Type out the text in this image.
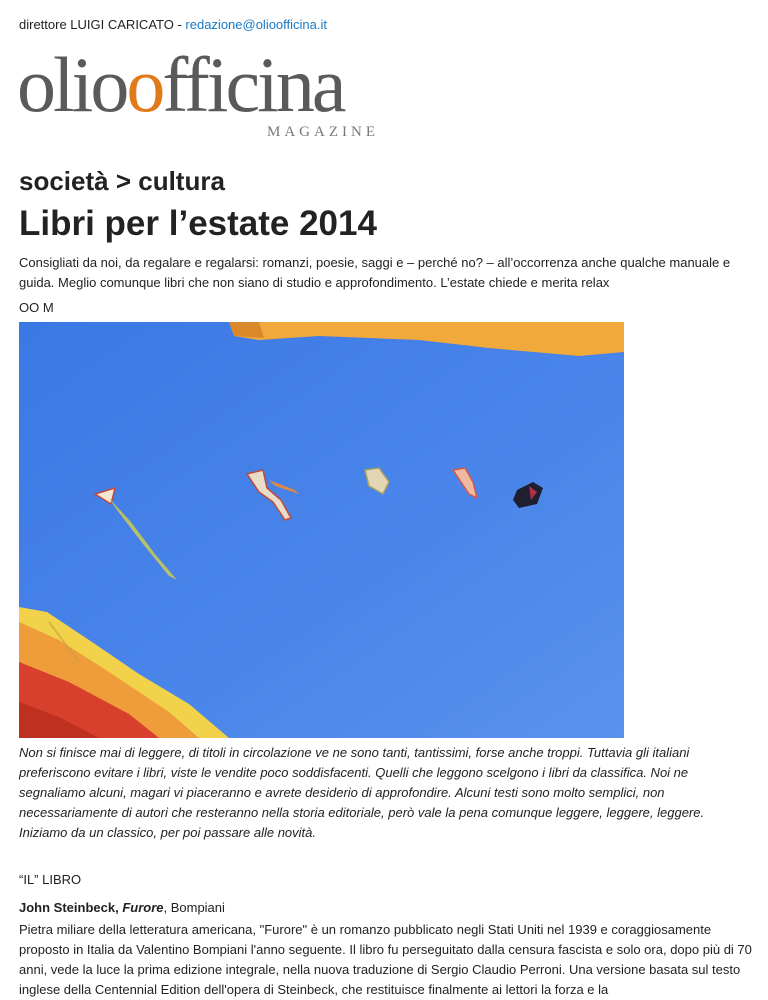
direttore LUIGI CARICATO - redazione@olioofficina.it
olioofficina
MAGAZINE
società > cultura
Libri per l’estate 2014
Consigliati da noi, da regalare e regalarsi: romanzi, poesie, saggi e – perché no? – all’occorrenza anche qualche manuale e guida. Meglio comunque libri che non siano di studio e approfondimento. L’estate chiede e merita relax
OO M
Non si finisce mai di leggere, di titoli in circolazione ve ne sono tanti, tantissimi, forse anche troppi. Tuttavia gli italiani preferiscono evitare i libri, viste le vendite poco soddisfacenti. Quelli che leggono scelgono i libri da classifica. Noi ne segnaliamo alcuni, magari vi piaceranno e avrete desiderio di approfondire. Alcuni testi sono molto semplici, non necessariamente di autori che resteranno nella storia editoriale, però vale la pena comunque leggere, leggere, leggere. Iniziamo da un classico, per poi passare alle novità.
“IL” LIBRO
John Steinbeck, Furore, Bompiani
Pietra miliare della letteratura americana, "Furore" è un romanzo pubblicato negli Stati Uniti nel 1939 e coraggiosamente proposto in Italia da Valentino Bompiani l'anno seguente. Il libro fu perseguitato dalla censura fascista e solo ora, dopo più di 70 anni, vede la luce la prima edizione integrale, nella nuova traduzione di Sergio Claudio Perroni. Una versione basata sul testo inglese della Centennial Edition dell'opera di Steinbeck, che restituisce finalmente ai lettori la forza e la
